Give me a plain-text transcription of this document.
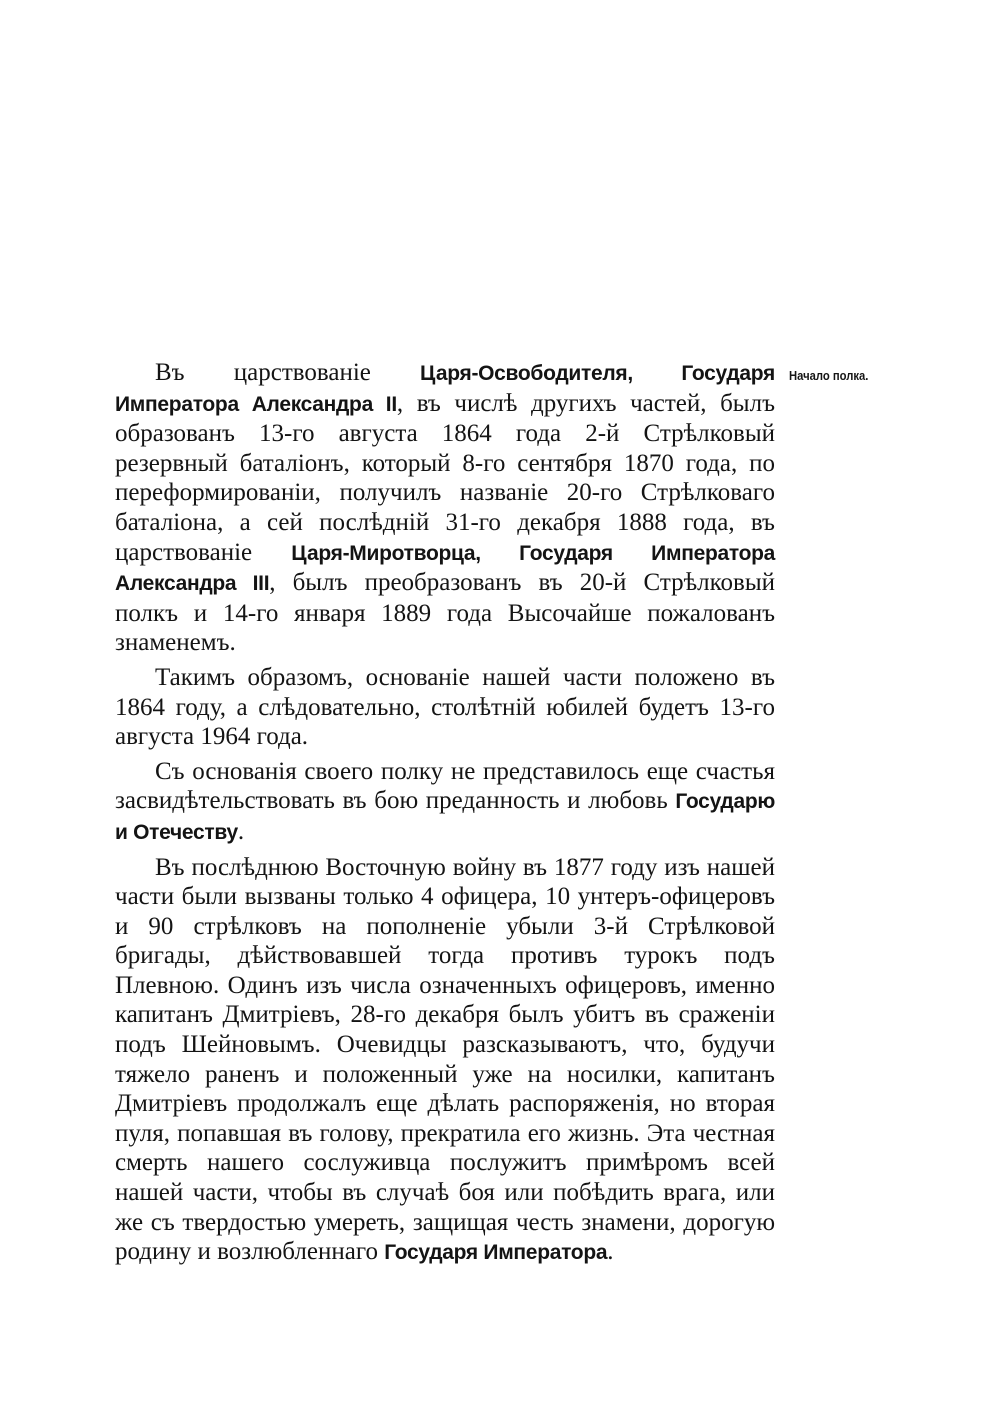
Начало полка.

Въ царствованіе Царя-Освободителя, Государя Императора Александра II, въ числѣ другихъ частей, былъ образованъ 13-го августа 1864 года 2-й Стрѣлковый резервный баталіонъ, который 8-го сентября 1870 года, по переформированіи, получилъ названіе 20-го Стрѣлковаго баталіона, а сей послѣдній 31-го декабря 1888 года, въ царствованіе Царя-Миротворца, Государя Императора Александра III, былъ преобразованъ въ 20-й Стрѣлковый полкъ и 14-го января 1889 года Высочайше пожалованъ знаменемъ.

Такимъ образомъ, основаніе нашей части положено въ 1864 году, а слѣдовательно, столѣтній юбилей будетъ 13-го августа 1964 года.

Съ основанія своего полку не представилось еще счастья засвидѣтельствовать въ бою преданность и любовь Государю и Отечеству.

Въ послѣднюю Восточную войну въ 1877 году изъ нашей части были вызваны только 4 офицера, 10 унтеръ-офицеровъ и 90 стрѣлковъ на пополненіе убыли 3-й Стрѣлковой бригады, дѣйствовавшей тогда противъ турокъ подъ Плевною. Одинъ изъ числа означенныхъ офицеровъ, именно капитанъ Дмитріевъ, 28-го декабря былъ убитъ въ сраженіи подъ Шейновымъ. Очевидцы разсказываютъ, что, будучи тяжело раненъ и положенный уже на носилки, капитанъ Дмитріевъ продолжалъ еще дѣлать распоряженія, но вторая пуля, попавшая въ голову, прекратила его жизнь. Эта честная смерть нашего сослуживца послужитъ примѣромъ всей нашей части, чтобы въ случаѣ боя или побѣдить врага, или же съ твердостью умереть, защищая честь знамени, дорогую родину и возлюбленнаго Государя Императора.
